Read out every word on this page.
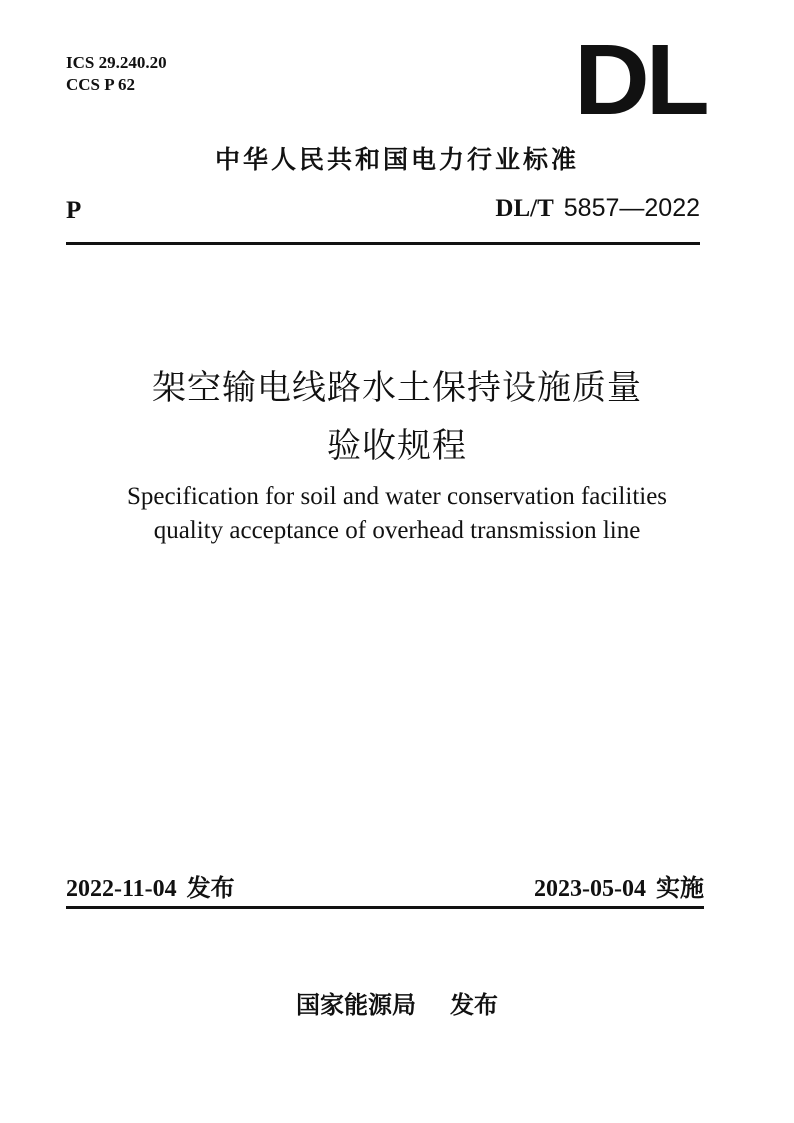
ICS 29.240.20
CCS P 62	DL
中华人民共和国电力行业标准
P	DL/T 5857—2022
架空输电线路水土保持设施质量
验收规程
Specification for soil and water conservation facilities
quality acceptance of overhead transmission line
2022-11-04 发布	2023-05-04 实施
国家能源局 发布
